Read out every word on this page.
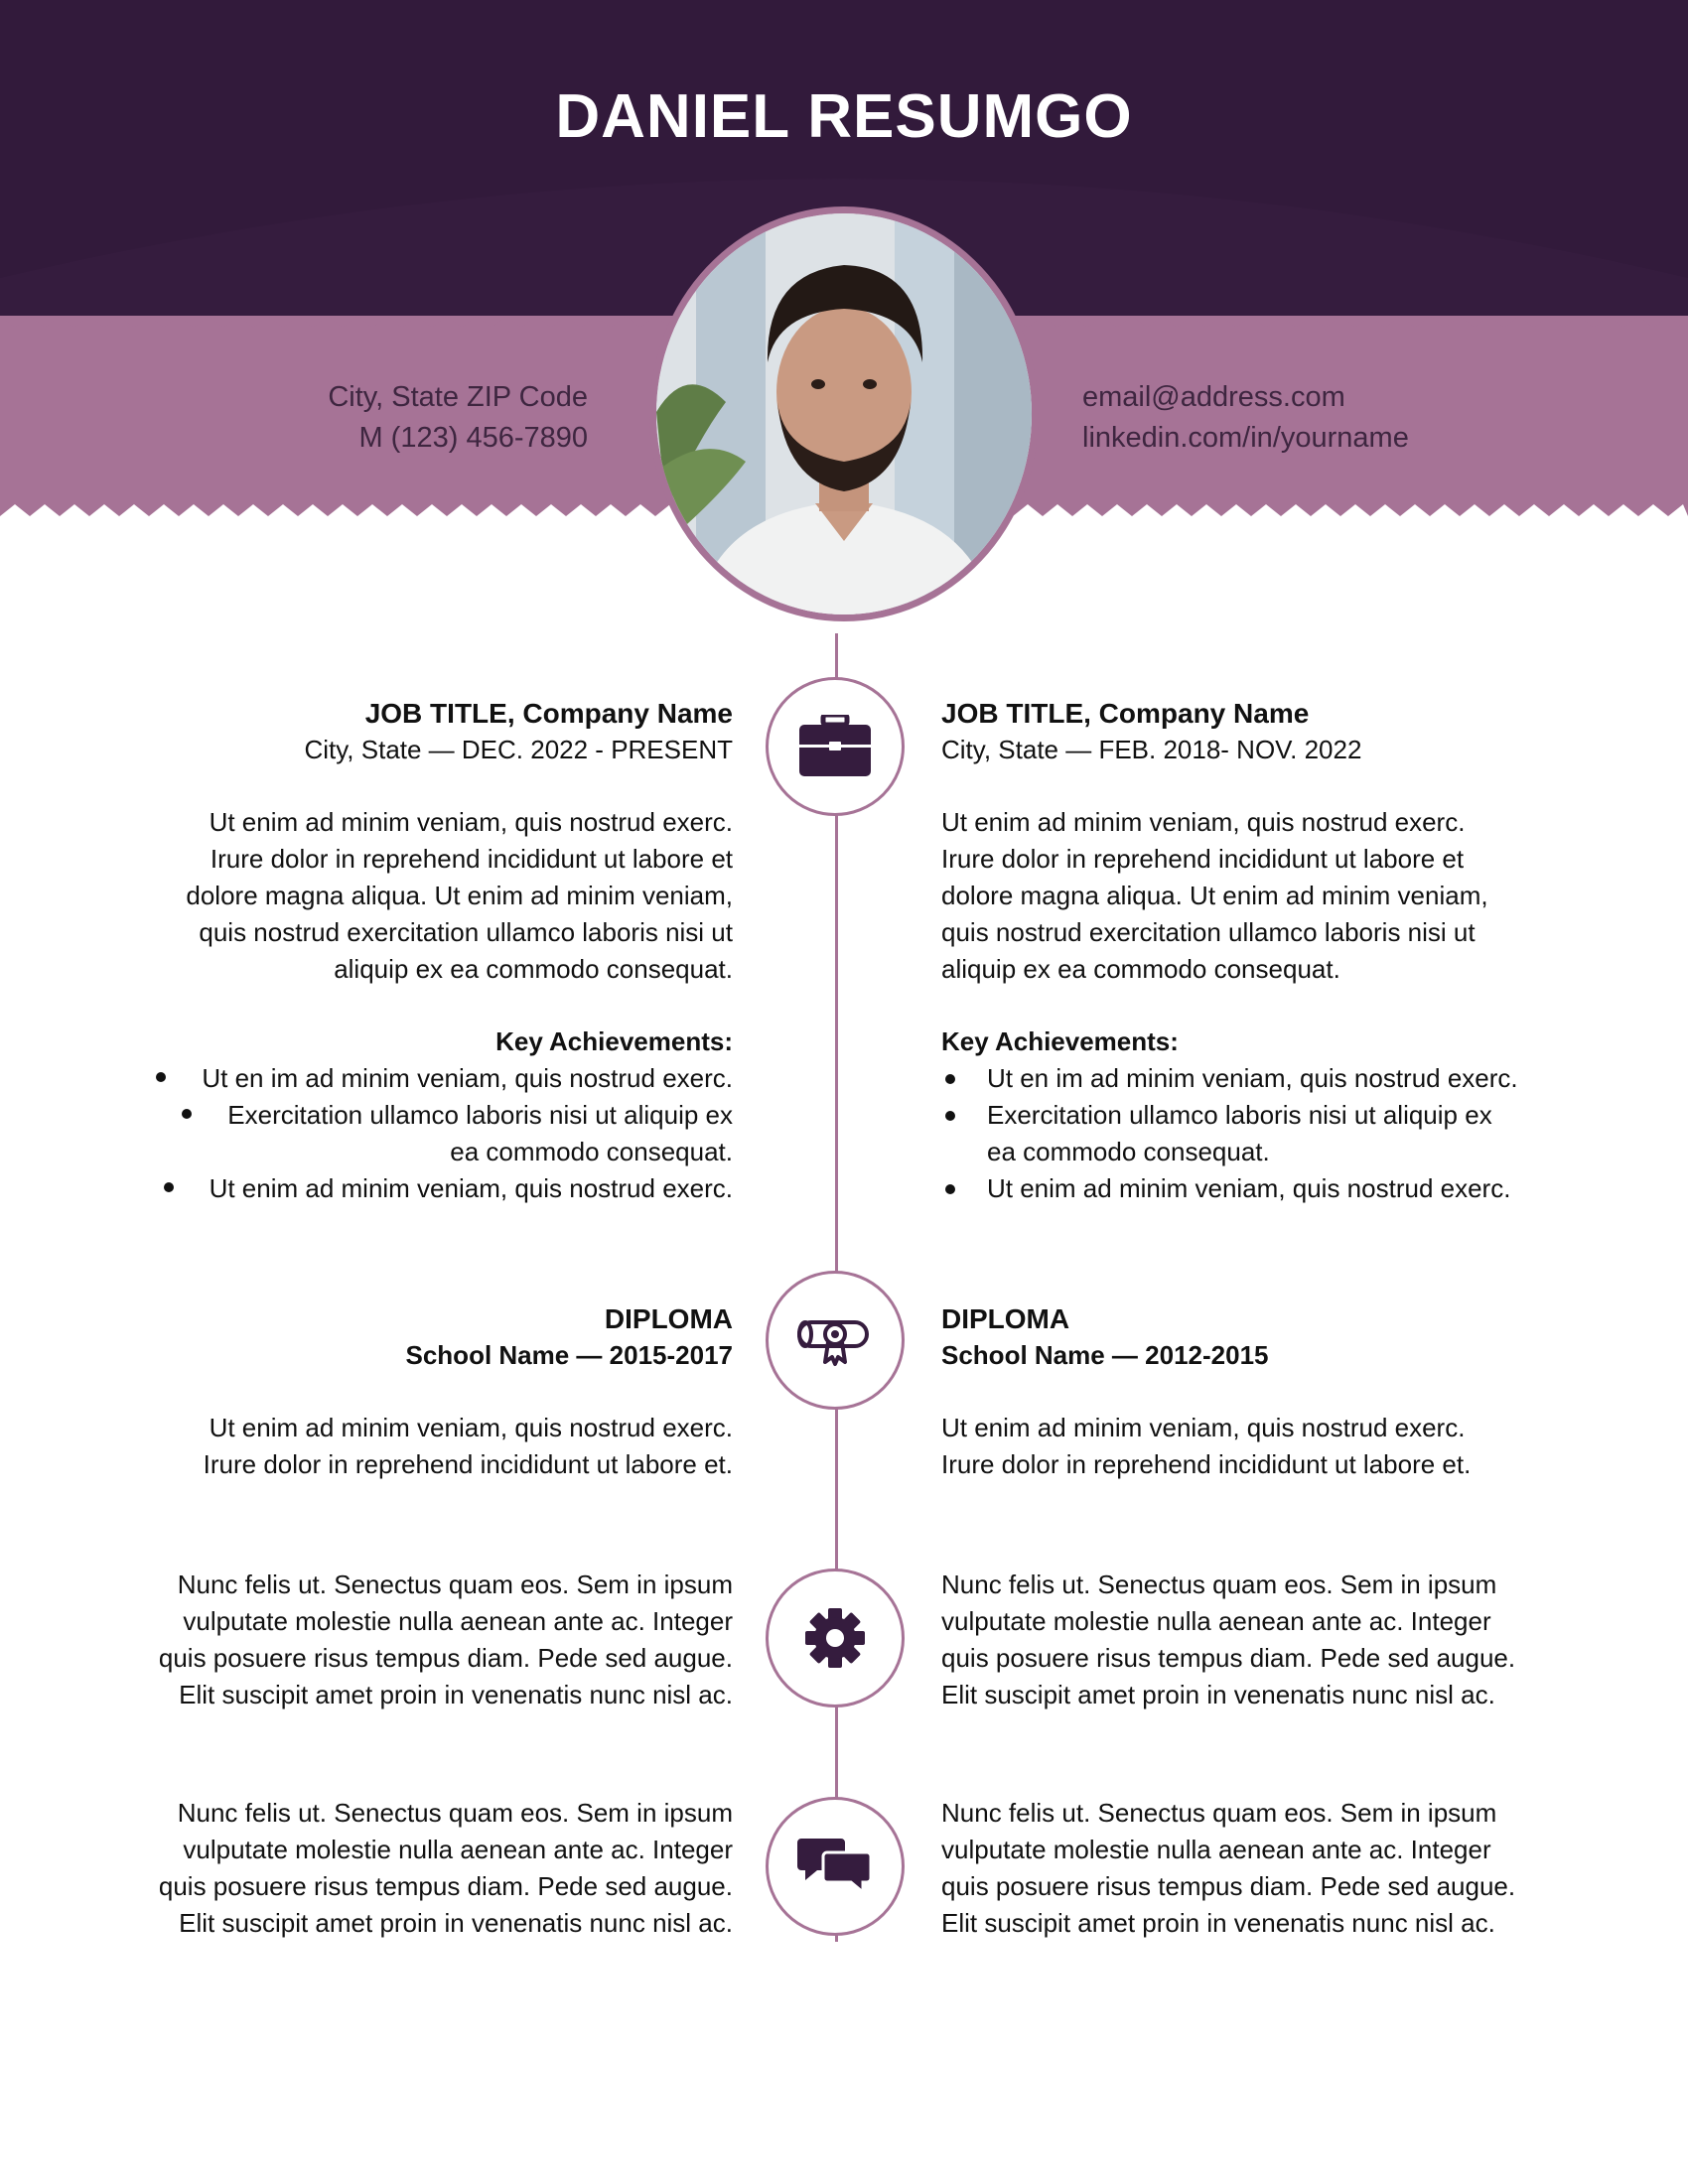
DANIEL RESUMGO
City, State ZIP Code
M (123) 456-7890
email@address.com
linkedin.com/in/yourname
JOB TITLE, Company Name
City, State — DEC. 2022 - PRESENT
Ut enim ad minim veniam, quis nostrud exerc.
Irure dolor in reprehend incididunt ut labore et
dolore magna aliqua. Ut enim ad minim veniam,
quis nostrud exercitation ullamco laboris nisi ut
aliquip ex ea commodo consequat.
Key Achievements:
Ut en im ad minim veniam, quis nostrud exerc.
Exercitation ullamco laboris nisi ut aliquip ex
ea commodo consequat.
Ut enim ad minim veniam, quis nostrud exerc.
JOB TITLE, Company Name
City, State — FEB. 2018- NOV. 2022
Ut enim ad minim veniam, quis nostrud exerc.
Irure dolor in reprehend incididunt ut labore et
dolore magna aliqua. Ut enim ad minim veniam,
quis nostrud exercitation ullamco laboris nisi ut
aliquip ex ea commodo consequat.
Key Achievements:
Ut en im ad minim veniam, quis nostrud exerc.
Exercitation ullamco laboris nisi ut aliquip ex
ea commodo consequat.
Ut enim ad minim veniam, quis nostrud exerc.
DIPLOMA
School Name — 2015-2017
Ut enim ad minim veniam, quis nostrud exerc.
Irure dolor in reprehend incididunt ut labore et.
DIPLOMA
School Name — 2012-2015
Ut enim ad minim veniam, quis nostrud exerc.
Irure dolor in reprehend incididunt ut labore et.
Nunc felis ut. Senectus quam eos. Sem in ipsum
vulputate molestie nulla aenean ante ac. Integer
quis posuere risus tempus diam. Pede sed augue.
Elit suscipit amet proin in venenatis nunc nisl ac.
Nunc felis ut. Senectus quam eos. Sem in ipsum
vulputate molestie nulla aenean ante ac. Integer
quis posuere risus tempus diam. Pede sed augue.
Elit suscipit amet proin in venenatis nunc nisl ac.
Nunc felis ut. Senectus quam eos. Sem in ipsum
vulputate molestie nulla aenean ante ac. Integer
quis posuere risus tempus diam. Pede sed augue.
Elit suscipit amet proin in venenatis nunc nisl ac.
Nunc felis ut. Senectus quam eos. Sem in ipsum
vulputate molestie nulla aenean ante ac. Integer
quis posuere risus tempus diam. Pede sed augue.
Elit suscipit amet proin in venenatis nunc nisl ac.
